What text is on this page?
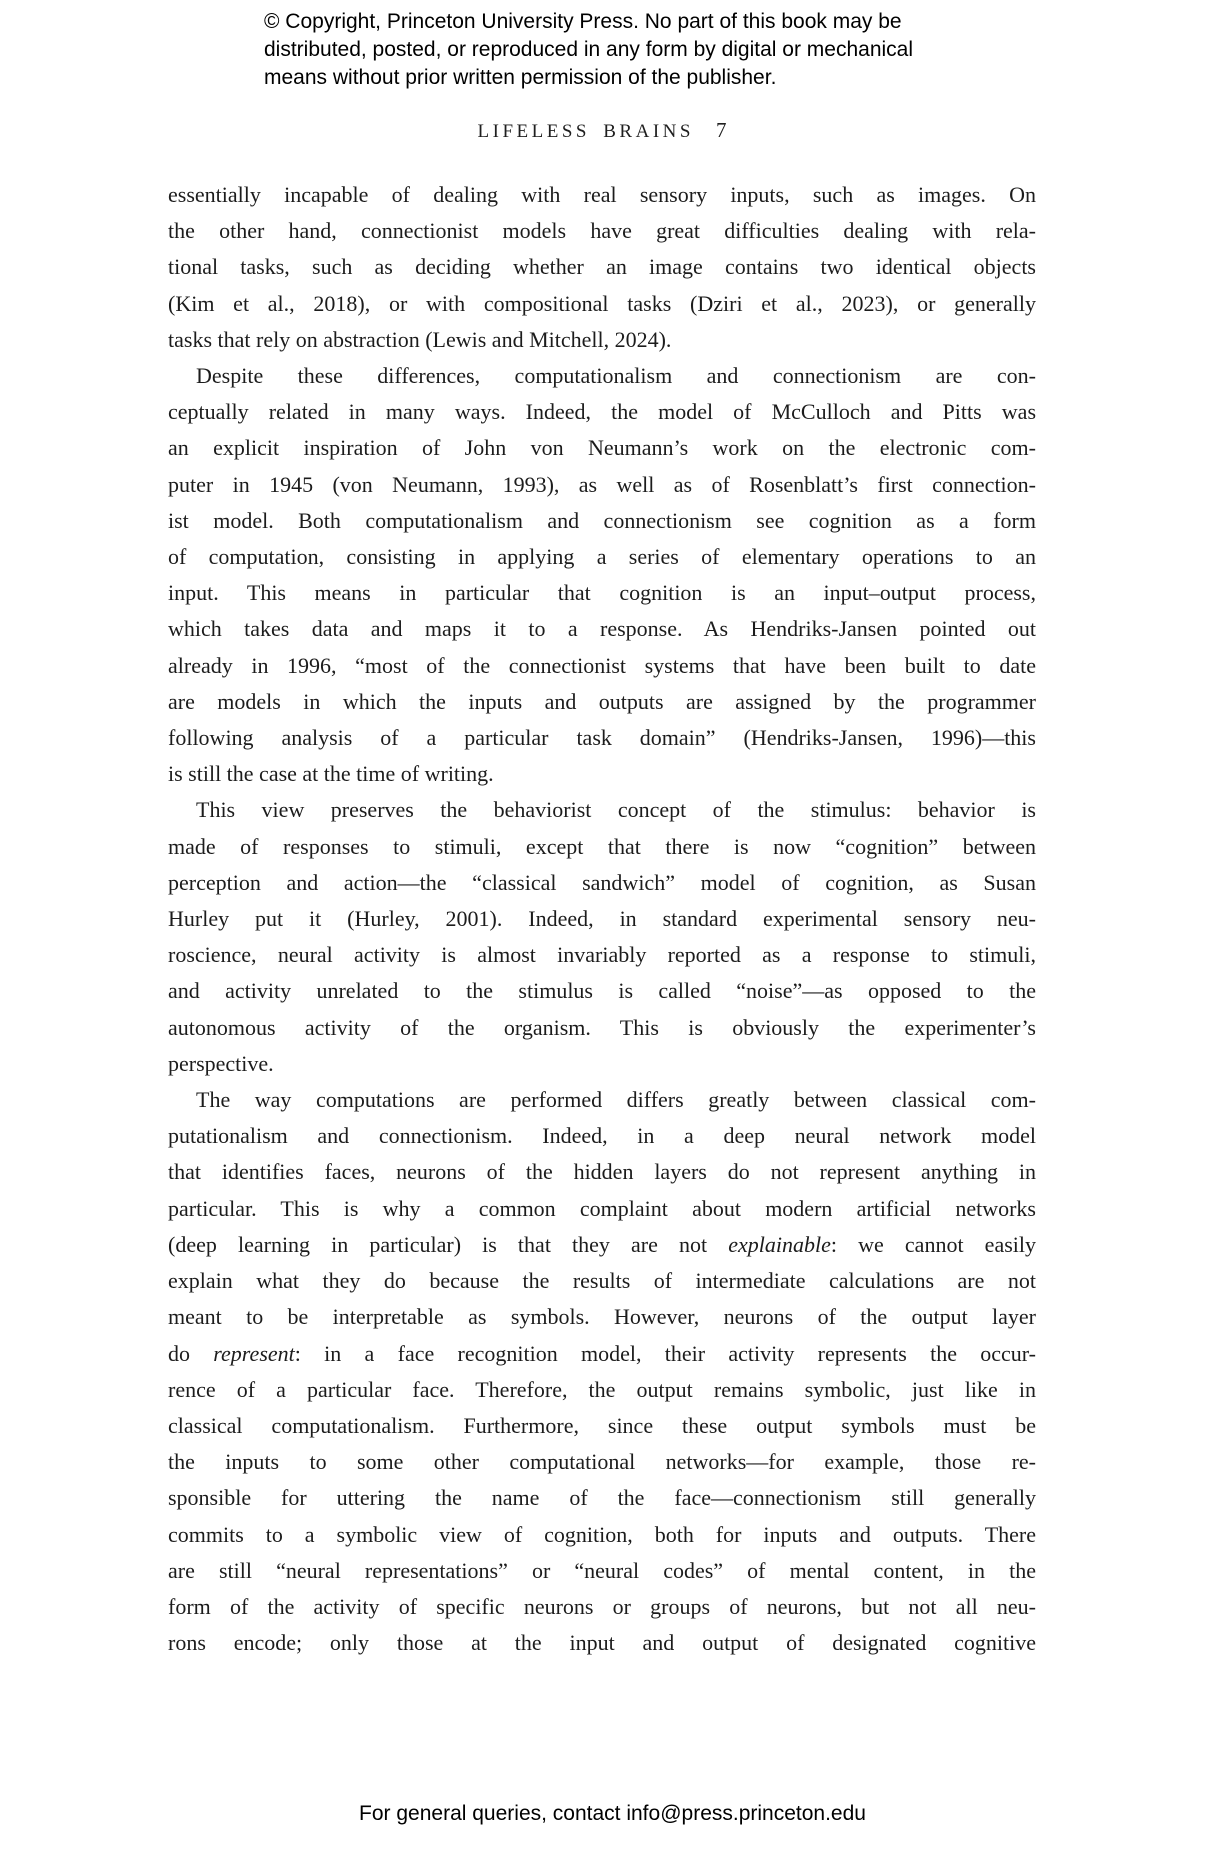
© Copyright, Princeton University Press. No part of this book may be
distributed, posted, or reproduced in any form by digital or mechanical
means without prior written permission of the publisher.
LIFELESS BRAINS 7
essentially incapable of dealing with real sensory inputs, such as images. On
the other hand, connectionist models have great difficulties dealing with rela-
tional tasks, such as deciding whether an image contains two identical objects
(Kim et al., 2018), or with compositional tasks (Dziri et al., 2023), or generally
tasks that rely on abstraction (Lewis and Mitchell, 2024).
Despite these differences, computationalism and connectionism are con-
ceptually related in many ways. Indeed, the model of McCulloch and Pitts was
an explicit inspiration of John von Neumann’s work on the electronic com-
puter in 1945 (von Neumann, 1993), as well as of Rosenblatt’s first connection-
ist model. Both computationalism and connectionism see cognition as a form
of computation, consisting in applying a series of elementary operations to an
input. This means in particular that cognition is an input–output process,
which takes data and maps it to a response. As Hendriks-Jansen pointed out
already in 1996, “most of the connectionist systems that have been built to date
are models in which the inputs and outputs are assigned by the programmer
following analysis of a particular task domain” (Hendriks-Jansen, 1996)—this
is still the case at the time of writing.
This view preserves the behaviorist concept of the stimulus: behavior is
made of responses to stimuli, except that there is now “cognition” between
perception and action—the “classical sandwich” model of cognition, as Susan
Hurley put it (Hurley, 2001). Indeed, in standard experimental sensory neu-
roscience, neural activity is almost invariably reported as a response to stimuli,
and activity unrelated to the stimulus is called “noise”—as opposed to the
autonomous activity of the organism. This is obviously the experimenter’s
perspective.
The way computations are performed differs greatly between classical com-
putationalism and connectionism. Indeed, in a deep neural network model
that identifies faces, neurons of the hidden layers do not represent anything in
particular. This is why a common complaint about modern artificial networks
(deep learning in particular) is that they are not explainable: we cannot easily
explain what they do because the results of intermediate calculations are not
meant to be interpretable as symbols. However, neurons of the output layer
do represent: in a face recognition model, their activity represents the occur-
rence of a particular face. Therefore, the output remains symbolic, just like in
classical computationalism. Furthermore, since these output symbols must be
the inputs to some other computational networks—for example, those re-
sponsible for uttering the name of the face—connectionism still generally
commits to a symbolic view of cognition, both for inputs and outputs. There
are still “neural representations” or “neural codes” of mental content, in the
form of the activity of specific neurons or groups of neurons, but not all neu-
rons encode; only those at the input and output of designated cognitive
For general queries, contact info@press.princeton.edu
